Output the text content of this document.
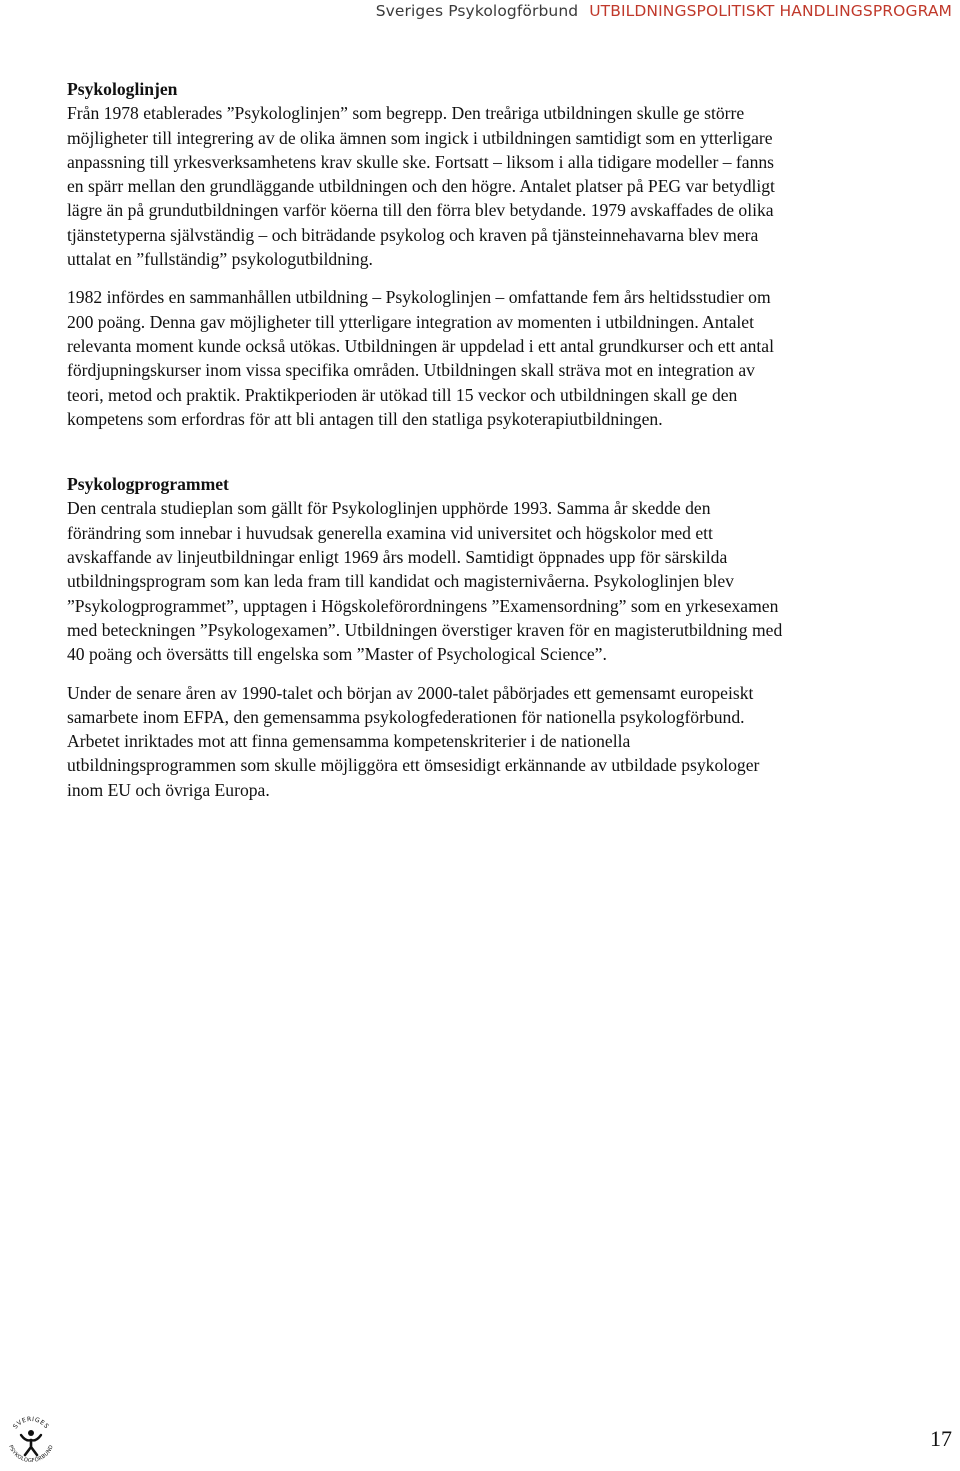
Sveriges Psykologförbund UTBILDNINGSPOLITISKT HANDLINGSPROGRAM
Psykologlinjen

Från 1978 etablerades ”Psykologlinjen” som begrepp. Den treåriga utbildningen skulle ge större möjligheter till integrering av de olika ämnen som ingick i utbildningen samtidigt som en ytterligare anpassning till yrkesverksamhetens krav skulle ske. Fortsatt – liksom i alla tidigare modeller – fanns en spärr mellan den grundläggande utbildningen och den högre. Antalet platser på PEG var betydligt lägre än på grundutbildningen varför köerna till den förra blev betydande. 1979 avskaffades de olika tjänstetyperna självständig – och biträdande psykolog och kraven på tjänsteinnehavarna blev mera uttalat en ”fullständig” psykologutbildning.

1982 infördes en sammanhållen utbildning – Psykologlinjen – omfattande fem års heltidsstudier om 200 poäng. Denna gav möjligheter till ytterligare integration av momenten i utbildningen. Antalet relevanta moment kunde också utökas. Utbildningen är uppdelad i ett antal grundkurser och ett antal fördjupningskurser inom vissa specifika områden. Utbildningen skall sträva mot en integration av teori, metod och praktik. Praktikperioden är utökad till 15 veckor och utbildningen skall ge den kompetens som erfordras för att bli antagen till den statliga psykoterapiutbildningen.

Psykologprogrammet

Den centrala studieplan som gällt för Psykologlinjen upphörde 1993. Samma år skedde den förändring som innebar i huvudsak generella examina vid universitet och högskolor med ett avskaffande av linjeutbildningar enligt 1969 års modell. Samtidigt öppnades upp för särskilda utbildningsprogram som kan leda fram till kandidat och magisternivåerna. Psykologlinjen blev ”Psykologprogrammet”, upptagen i Högskoleförordningens ”Examensordning” som en yrkesexamen med beteckningen ”Psykologexamen”. Utbildningen överstiger kraven för en magisterutbildning med 40 poäng och översätts till engelska som ”Master of Psychological Science”.

Under de senare åren av 1990-talet och början av 2000-talet påbörjades ett gemensamt europeiskt samarbete inom EFPA, den gemensamma psykologfederationen för nationella psykologförbund. Arbetet inriktades mot att finna gemensamma kompetenskriterier i de nationella utbildningsprogrammen som skulle möjliggöra ett ömsesidigt erkännande av utbildade psykologer inom EU och övriga Europa.

SVERIGES
PSYKOLOGFÖRBUND	17
